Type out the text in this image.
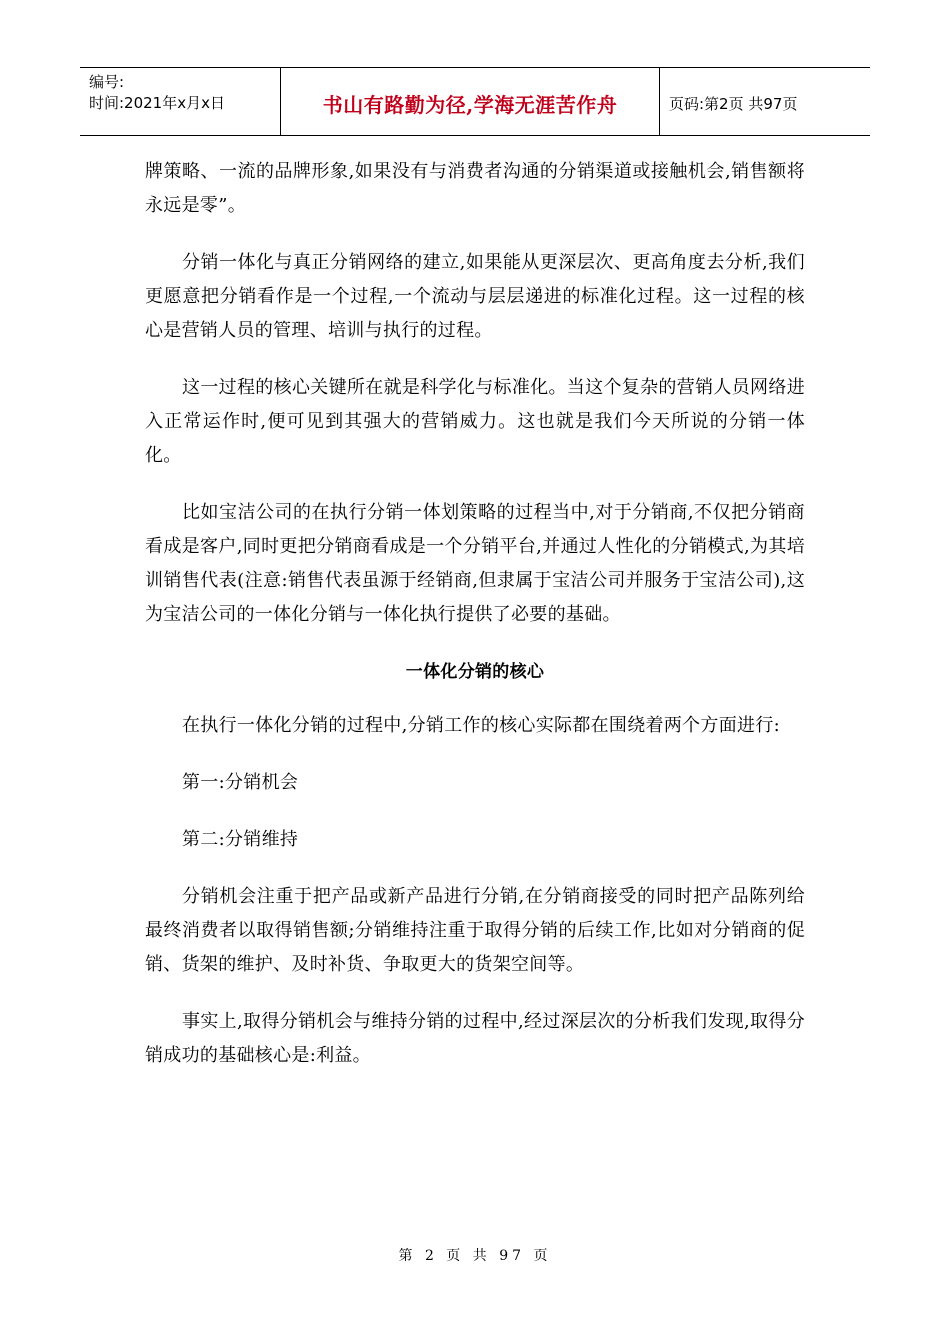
编号:
时间:2021年x月x日	书山有路勤为径,学海无涯苦作舟	页码:第2页 共97页

牌策略、一流的品牌形象,如果没有与消费者沟通的分销渠道或接触机会,销售额将永远是零”。

分销一体化与真正分销网络的建立,如果能从更深层次、更高角度去分析,我们更愿意把分销看作是一个过程,一个流动与层层递进的标准化过程。这一过程的核心是营销人员的管理、培训与执行的过程。

这一过程的核心关键所在就是科学化与标准化。当这个复杂的营销人员网络进入正常运作时,便可见到其强大的营销威力。这也就是我们今天所说的分销一体化。

比如宝洁公司的在执行分销一体划策略的过程当中,对于分销商,不仅把分销商看成是客户,同时更把分销商看成是一个分销平台,并通过人性化的分销模式,为其培训销售代表(注意:销售代表虽源于经销商,但隶属于宝洁公司并服务于宝洁公司),这为宝洁公司的一体化分销与一体化执行提供了必要的基础。

一体化分销的核心

在执行一体化分销的过程中,分销工作的核心实际都在围绕着两个方面进行:

第一:分销机会

第二:分销维持

分销机会注重于把产品或新产品进行分销,在分销商接受的同时把产品陈列给最终消费者以取得销售额;分销维持注重于取得分销的后续工作,比如对分销商的促销、货架的维护、及时补货、争取更大的货架空间等。

事实上,取得分销机会与维持分销的过程中,经过深层次的分析我们发现,取得分销成功的基础核心是:利益。

第 2 页 共 97 页
